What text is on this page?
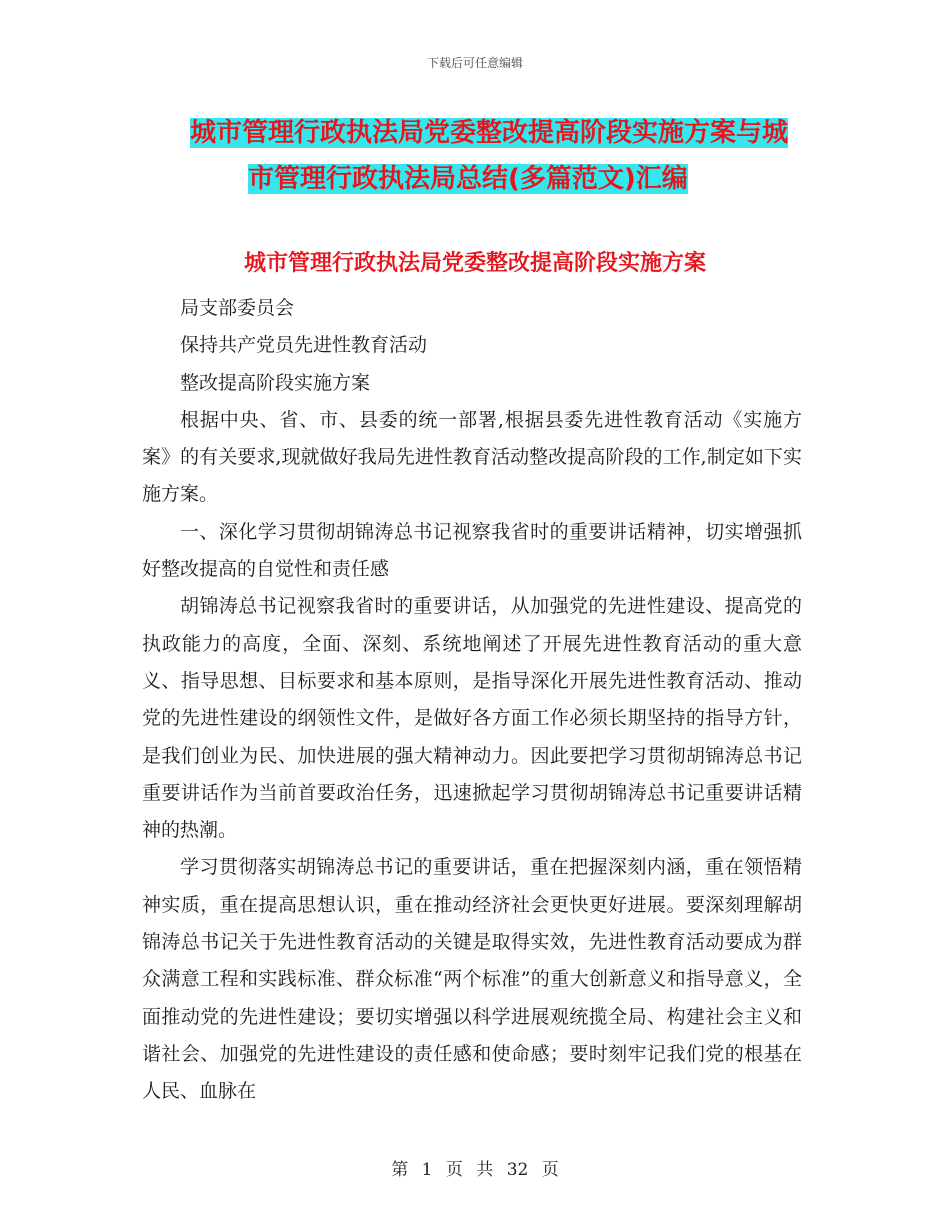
下载后可任意编辑
城市管理行政执法局党委整改提高阶段实施方案与城
市管理行政执法局总结(多篇范文)汇编
城市管理行政执法局党委整改提高阶段实施方案

局支部委员会

保持共产党员先进性教育活动

整改提高阶段实施方案

根据中央、省、市、县委的统一部署,根据县委先进性教育活动《实施方案》的有关要求,现就做好我局先进性教育活动整改提高阶段的工作,制定如下实施方案。

一、深化学习贯彻胡锦涛总书记视察我省时的重要讲话精神，切实增强抓好整改提高的自觉性和责任感

胡锦涛总书记视察我省时的重要讲话，从加强党的先进性建设、提高党的执政能力的高度，全面、深刻、系统地阐述了开展先进性教育活动的重大意义、指导思想、目标要求和基本原则，是指导深化开展先进性教育活动、推动党的先进性建设的纲领性文件，是做好各方面工作必须长期坚持的指导方针，是我们创业为民、加快进展的强大精神动力。因此要把学习贯彻胡锦涛总书记重要讲话作为当前首要政治任务，迅速掀起学习贯彻胡锦涛总书记重要讲话精神的热潮。

学习贯彻落实胡锦涛总书记的重要讲话，重在把握深刻内涵，重在领悟精神实质，重在提高思想认识，重在推动经济社会更快更好进展。要深刻理解胡锦涛总书记关于先进性教育活动的关键是取得实效，先进性教育活动要成为群众满意工程和实践标准、群众标准“两个标准”的重大创新意义和指导意义，全面推动党的先进性建设；要切实增强以科学进展观统揽全局、构建社会主义和谐社会、加强党的先进性建设的责任感和使命感；要时刻牢记我们党的根基在人民、血脉在

第 1 页 共 32 页
